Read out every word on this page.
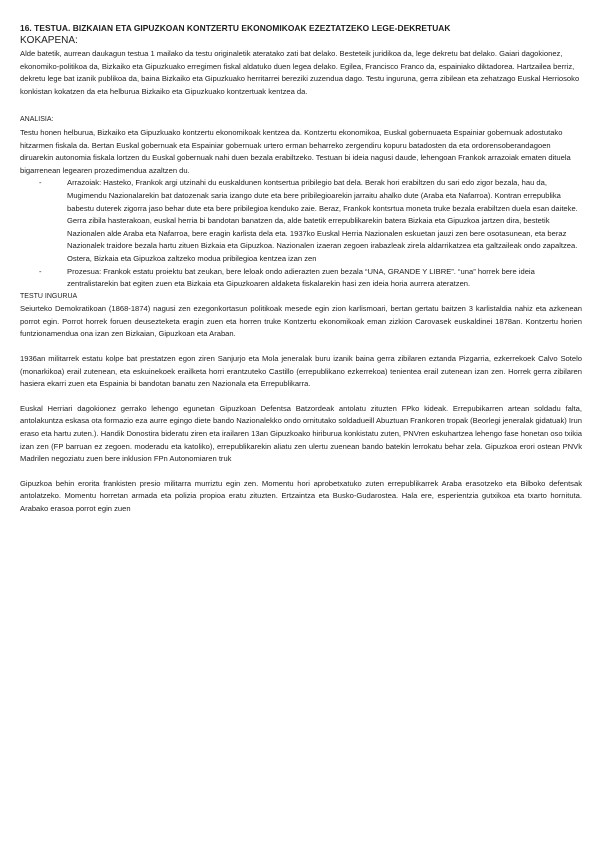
16. TESTUA. BIZKAIAN ETA GIPUZKOAN KONTZERTU EKONOMIKOAK EZEZTATZEKO LEGE-DEKRETUAK
KOKAPENA:

Alde batetik, aurrean daukagun testua 1 mailako da testu originaletik ateratako zati bat delako. Besteteik juridikoa da, lege dekretu bat delako. Gaiari dagokionez, ekonomiko-politikoa da, Bizkaiko eta Gipuzkuako erregimen fiskal aldatuko duen legea delako. Egilea, Francisco Franco da, espainiako diktadorea. Hartzailea berriz, dekretu lege bat izanik publikoa da, baina Bizkaiko eta Gipuzkuako herritarrei bereziki zuzendua dago. Testu inguruna, gerra zibilean eta zehatzago Euskal Herriosoko konkistan kokatzen da eta helburua Bizkaiko eta Gipuzkuako kontzertuak kentzea da.

ANALISIA:

Testu honen helburua, Bizkaiko eta Gipuzkuako kontzertu ekonomikoak kentzea da. Kontzertu ekonomikoa, Euskal gobernuaeta Espainiar gobernuak adostutako hitzarmen fiskala da. Bertan Euskal gobernuak eta Espainiar gobernuak urtero erman beharreko zergendiru kopuru batadosten da eta ordorensoberandagoen diruarekin autonomia fiskala lortzen du Euskal gobernuak nahi duen bezala erabiltzeko. Testuan bi ideia nagusi daude, lehengoan Frankok arrazoiak ematen dituela bigarrenean legearen prozedimendua azaltzen du.

-	Arrazoiak: Hasteko, Frankok argi utzinahi du euskaldunen kontsertua pribilegio bat dela. Berak hori erabiltzen du sari edo zigor bezala, hau da, Mugimendu Nazionalarekin bat datozenak saria izango dute eta bere pribilegioarekin jarraitu ahalko dute (Araba eta Nafarroa). Kontran errepublika babestu duterek zigorra jaso behar dute eta bere pribilegioa kenduko zaie. Beraz, Frankok kontsrtua moneta truke bezala erabiltzen duela esan daiteke.
Gerra zibila hasterakoan, euskal herria bi bandotan banatzen da, alde batetik errepublikarekin batera Bizkaia eta Gipuzkoa jartzen dira, bestetik Nazionalen alde Araba eta Nafarroa, bere eragin karlista dela eta. 1937ko Euskal Herria Nazionalen eskuetan jauzi zen bere osotasunean, eta beraz Nazionalek traidore bezala hartu zituen Bizkaia eta Gipuzkoa. Nazionalen izaeran zegoen irabazleak zirela aldarrikatzea eta galtzaileak ondo zapaltzea. Ostera, Bizkaia eta Gipuzkoa zaltzeko modua pribilegioa kentzea izan zen
-	Prozesua: Frankok estatu proiektu bat zeukan, bere leloak ondo adierazten zuen bezala “UNA, GRANDE Y LIBRE”. “una” horrek bere ideia zentralistarekin bat egiten zuen eta Bizkaia eta Gipuzkoaren aldaketa fiskalarekin hasi zen ideia horia aurrera ateratzen.

TESTU INGURUA

Seiurteko Demokratikoan (1868-1874) nagusi zen ezegonkortasun politikoak mesede egin zion karlismoari, bertan gertatu baitzen 3 karlistaldia nahiz eta azkenean porrot egin. Porrot horrek foruen deusezteketa eragin zuen eta horren truke Kontzertu ekonomikoak eman zizkion Carovasek euskaldinei 1878an. Kontzertu horien funtzionamendua ona izan zen Bizkaian, Gipuzkoan eta Araban.

1936an militarrek estatu kolpe bat prestatzen egon ziren Sanjurjo eta Mola jeneralak buru izanik baina gerra zibilaren eztanda Pizgarria, ezkerrekoek Calvo Sotelo (monarkikoa) erail zutenean, eta eskuinekoek erailketa horri erantzuteko Castillo (errepublikano ezkerrekoa) tenientea erail zutenean izan zen. Horrek gerra zibilaren hasiera ekarri zuen eta Espainia bi bandotan banatu zen Nazionala eta Errepublikarra.

Euskal Herriari dagokionez gerrako lehengo egunetan Gipuzkoan Defentsa Batzordeak antolatu zituzten FPko kideak. Errepubikarren artean soldadu falta, antolakuntza eskasa ota formazio eza aurre egingo diete bando Nazionalekko ondo ornitutako soldadueill Abuztuan Frankoren tropak (Beorlegi jeneralak gidatuak) Irun eraso eta hartu zuten.). Handik Donostira bideratu ziren eta irailaren 13an Gipuzkoako hiriburua konkistatu zuten, PNVren eskuhartzea lehengo fase honetan oso txikia izan zen (FP barruan ez zegoen. moderadu eta katoliko), errepublikarekin aliatu zen ulertu zuenean bando batekin lerrokatu behar zela. Gipuzkoa erori ostean PNVk Madrilen negoziatu zuen bere inklusion FPn Autonomiaren truk

Gipuzkoa behin erorita frankisten presio militarra murriztu egin zen. Momentu hori aprobetxatuko zuten errepublikarrek Araba erasotzeko eta Bilboko defentsak antolatzeko. Momentu horretan armada eta polizia propioa eratu zituzten. Ertzaintza eta Busko-Gudarostea. Hala ere, esperientzia gutxikoa eta txarto hornituta. Arabako erasoa porrot egin zuen
